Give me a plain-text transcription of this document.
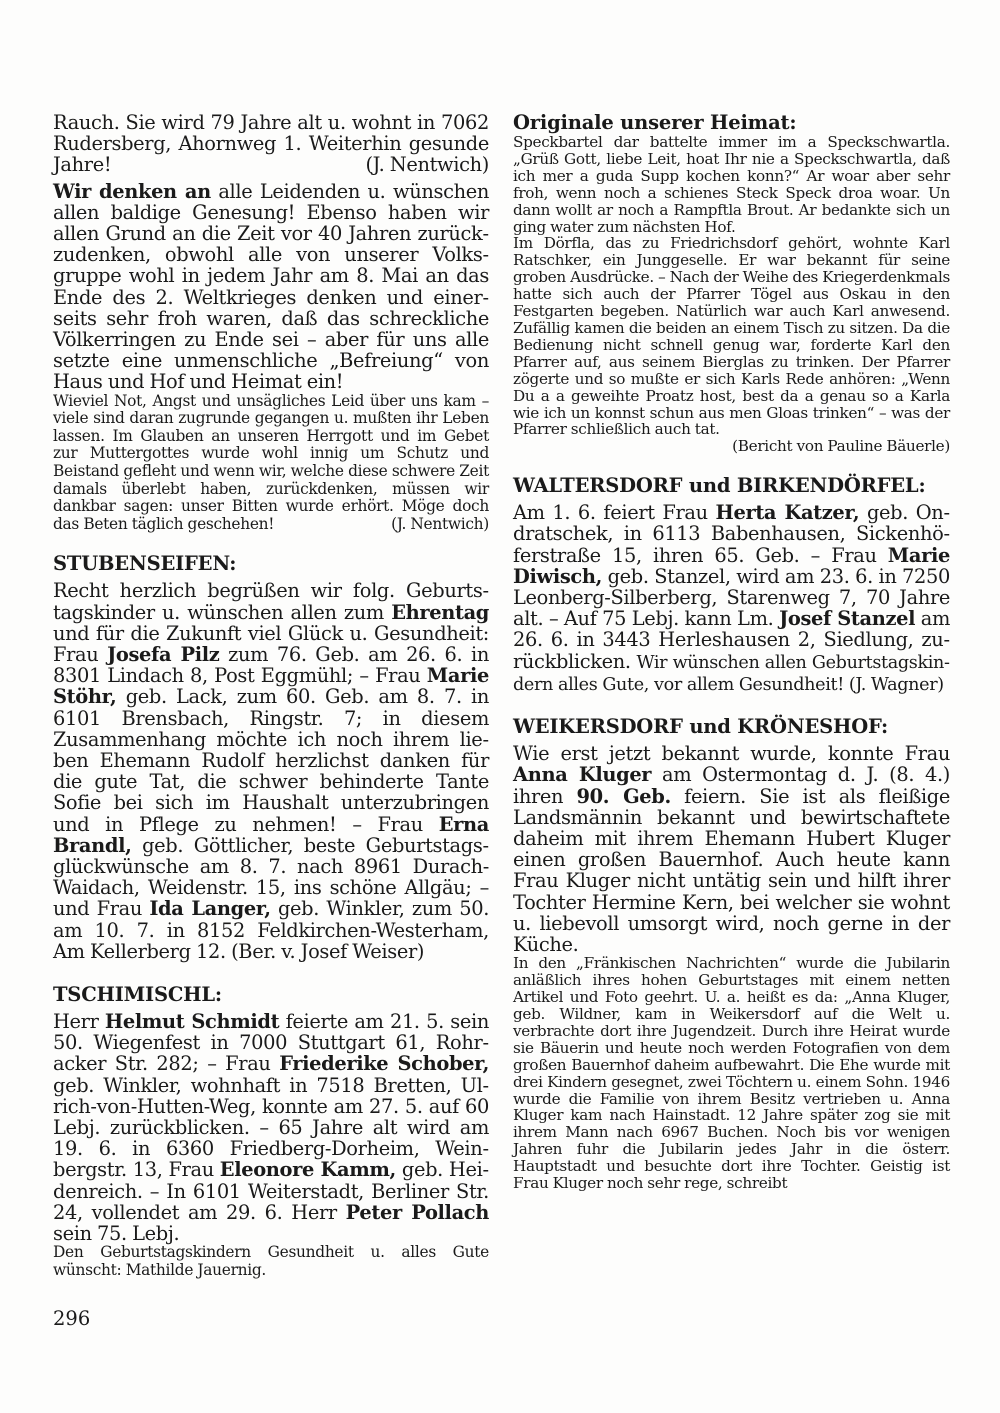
Rauch. Sie wird 79 Jahre alt u. wohnt in 7062 Rudersberg, Ahornweg 1. Weiterhin gesunde Jahre!	(J. Nentwich)

Wir denken an alle Leidenden u. wünschen allen baldige Genesung! Ebenso haben wir allen Grund an die Zeit vor 40 Jahren zurückzudenken, obwohl alle von unserer Volksgruppe wohl in jedem Jahr am 8. Mai an das Ende des 2. Weltkrieges denken und einerseits sehr froh waren, daß das schreckliche Völkerringen zu Ende sei – aber für uns alle setzte eine unmenschliche „Befreiung“ von Haus und Hof und Heimat ein!

Wieviel Not, Angst und unsägliches Leid über uns kam – viele sind daran zugrunde gegangen u. mußten ihr Leben lassen. Im Glauben an unseren Herrgott und im Gebet zur Muttergottes wurde wohl innig um Schutz und Beistand gefleht und wenn wir, welche diese schwere Zeit damals überlebt haben, zurückdenken, müssen wir dankbar sagen: unser Bitten wurde erhört. Möge doch das Beten täglich geschehen!	(J. Nentwich)
STUBENSEIFEN:

Recht herzlich begrüßen wir folg. Geburtstagskinder u. wünschen allen zum Ehrentag und für die Zukunft viel Glück u. Gesundheit: Frau Josefa Pilz zum 76. Geb. am 26. 6. in 8301 Lindach 8, Post Eggmühl; – Frau Marie Stöhr, geb. Lack, zum 60. Geb. am 8. 7. in 6101 Brensbach, Ringstr. 7; in diesem Zusammenhang möchte ich noch ihrem lieben Ehemann Rudolf herzlichst danken für die gute Tat, die schwer behinderte Tante Sofie bei sich im Haushalt unterzubringen und in Pflege zu nehmen! – Frau Erna Brandl, geb. Göttlicher, beste Geburtstagsglückwünsche am 8. 7. nach 8961 Durach-Waidach, Weidenstr. 15, ins schöne Allgäu; – und Frau Ida Langer, geb. Winkler, zum 50. am 10. 7. in 8152 Feldkirchen-Westerham, Am Kellerberg 12. (Ber. v. Josef Weiser)

TSCHIMISCHL:

Herr Helmut Schmidt feierte am 21. 5. sein 50. Wiegenfest in 7000 Stuttgart 61, Rohracker Str. 282; – Frau Friederike Schober, geb. Winkler, wohnhaft in 7518 Bretten, Ulrich-von-Hutten-Weg, konnte am 27. 5. auf 60 Lebj. zurückblicken. – 65 Jahre alt wird am 19. 6. in 6360 Friedberg-Dorheim, Weinbergstr. 13, Frau Eleonore Kamm, geb. Heidenreich. – In 6101 Weiterstadt, Berliner Str. 24, vollendet am 29. 6. Herr Peter Pollach sein 75. Lebj.

Den Geburtstagskindern Gesundheit u. alles Gute wünscht: Mathilde Jauernig.

Originale unserer Heimat:

Speckbartel dar battelte immer im a Speckschwartla. „Grüß Gott, liebe Leit, hoat Ihr nie a Speckschwartla, daß ich mer a guda Supp kochen konn?“ Ar woar aber sehr froh, wenn noch a schienes Steck Speck droa woar. Un dann wollt ar noch a Rampftla Brout. Ar bedankte sich un ging water zum nächsten Hof.

Im Dörfla, das zu Friedrichsdorf gehört, wohnte Karl Ratschker, ein Junggeselle. Er war bekannt für seine groben Ausdrücke. – Nach der Weihe des Kriegerdenkmals hatte sich auch der Pfarrer Tögel aus Oskau in den Festgarten begeben. Natürlich war auch Karl anwesend. Zufällig kamen die beiden an einem Tisch zu sitzen. Da die Bedienung nicht schnell genug war, forderte Karl den Pfarrer auf, aus seinem Bierglas zu trinken. Der Pfarrer zögerte und so mußte er sich Karls Rede anhören: „Wenn Du a a geweihte Proatz host, best da a genau so a Karla wie ich un konnst schun aus men Gloas trinken“ – was der Pfarrer schließlich auch tat.

(Bericht von Pauline Bäuerle)

WALTERSDORF und BIRKENDÖRFEL:

Am 1. 6. feiert Frau Herta Katzer, geb. Ondratschek, in 6113 Babenhausen, Sickenhöferstraße 15, ihren 65. Geb. – Frau Marie Diwisch, geb. Stanzel, wird am 23. 6. in 7250 Leonberg-Silberberg, Starenweg 7, 70 Jahre alt. – Auf 75 Lebj. kann Lm. Josef Stanzel am 26. 6. in 3443 Herleshausen 2, Siedlung, zurückblicken. Wir wünschen allen Geburtstagskindern alles Gute, vor allem Gesundheit! (J. Wagner)

WEIKERSDORF und KRÖNESHOF:

Wie erst jetzt bekannt wurde, konnte Frau Anna Kluger am Ostermontag d. J. (8. 4.) ihren 90. Geb. feiern. Sie ist als fleißige Landsmännin bekannt und bewirtschaftete daheim mit ihrem Ehemann Hubert Kluger einen großen Bauernhof. Auch heute kann Frau Kluger nicht untätig sein und hilft ihrer Tochter Hermine Kern, bei welcher sie wohnt u. liebevoll umsorgt wird, noch gerne in der Küche.

In den „Fränkischen Nachrichten“ wurde die Jubilarin anläßlich ihres hohen Geburtstages mit einem netten Artikel und Foto geehrt. U. a. heißt es da: „Anna Kluger, geb. Wildner, kam in Weikersdorf auf die Welt u. verbrachte dort ihre Jugendzeit. Durch ihre Heirat wurde sie Bäuerin und heute noch werden Fotografien von dem großen Bauernhof daheim aufbewahrt. Die Ehe wurde mit drei Kindern gesegnet, zwei Töchtern u. einem Sohn. 1946 wurde die Familie von ihrem Besitz vertrieben u. Anna Kluger kam nach Hainstadt. 12 Jahre später zog sie mit ihrem Mann nach 6967 Buchen. Noch bis vor wenigen Jahren fuhr die Jubilarin jedes Jahr in die österr. Hauptstadt und besuchte dort ihre Tochter. Geistig ist Frau Kluger noch sehr rege, schreibt

296
